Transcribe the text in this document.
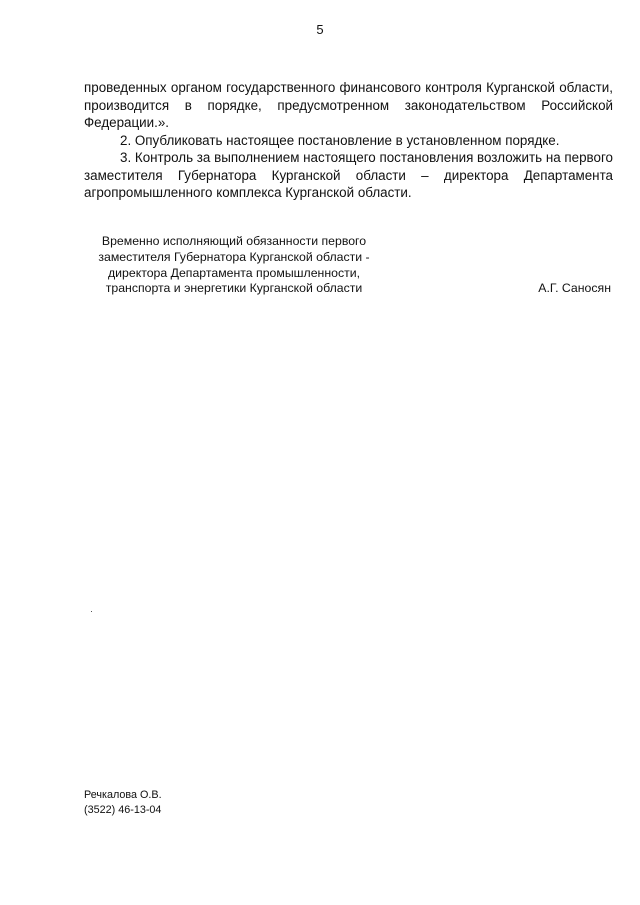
5

проведенных органом государственного финансового контроля Курганской области, производится в порядке, предусмотренном законодательством Российской Федерации.».

2. Опубликовать настоящее постановление в установленном порядке.

3. Контроль за выполнением настоящего постановления возложить на первого заместителя Губернатора Курганской области – директора Департамента агропромышленного комплекса Курганской области.

Временно исполняющий обязанности первого
заместителя Губернатора Курганской области -
директора Департамента промышленности,
транспорта и энергетики Курганской области	А.Г. Саносян
Речкалова О.В.
(3522) 46-13-04
